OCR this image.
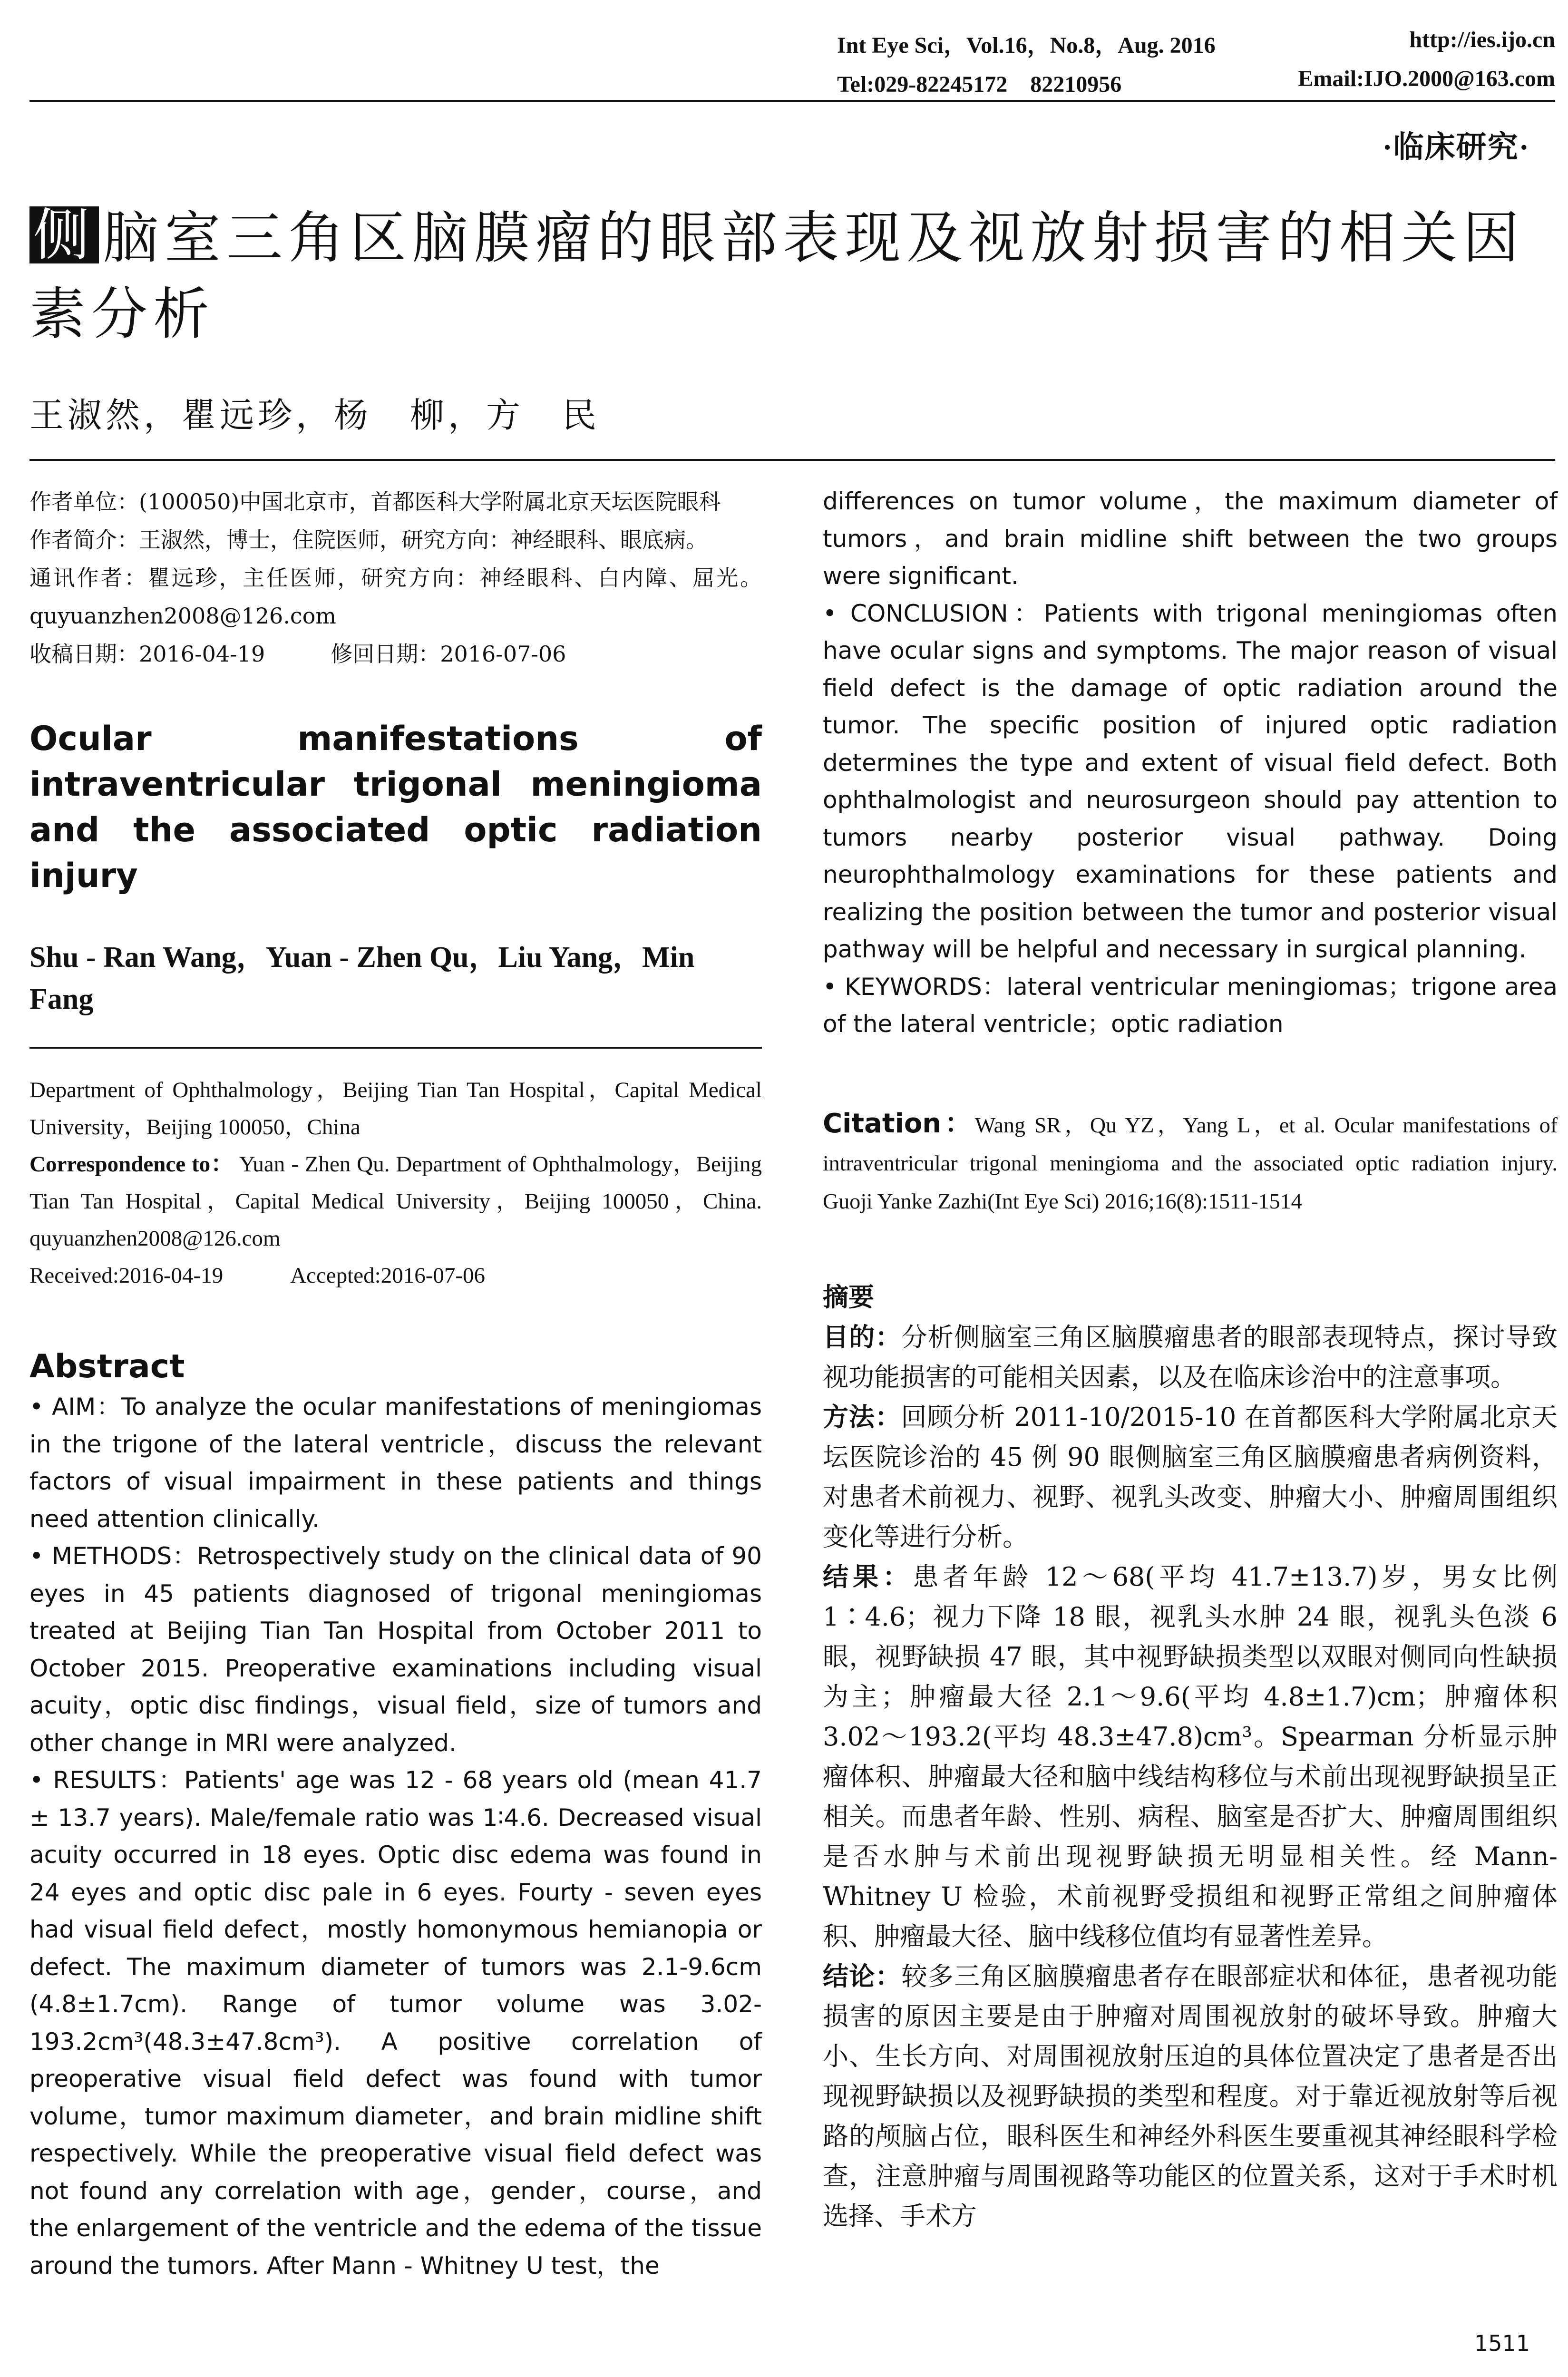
Int Eye Sci，Vol.16，No.8，Aug. 2016	http://ies.ijo.cn
Tel:029-82245172　82210956	Email:IJO.2000@163.com
·临床研究·
侧 脑室三角区脑膜瘤的眼部表现及视放射损害的相关因素分析
王淑然，瞿远珍，杨　柳，方　民

作者单位：(100050)中国北京市，首都医科大学附属北京天坛医院眼科

作者简介：王淑然，博士，住院医师，研究方向：神经眼科、眼底病。

通讯作者：瞿远珍，主任医师，研究方向：神经眼科、白内障、屈光。quyuanzhen2008@126.com

收稿日期：2016-04-19　　　修回日期：2016-07-06

Ocular manifestations of intraventricular trigonal meningioma and the associated optic radiation injury
Shu - Ran Wang，Yuan - Zhen Qu，Liu Yang，Min Fang

Department of Ophthalmology，Beijing Tian Tan Hospital，Capital Medical University，Beijing 100050，China

Correspondence to： Yuan - Zhen Qu. Department of Ophthalmology，Beijing Tian Tan Hospital，Capital Medical University，Beijing 100050，China. quyuanzhen2008@126.com

Received:2016-04-19　　　Accepted:2016-07-06

Abstract

• AIM：To analyze the ocular manifestations of meningiomas in the trigone of the lateral ventricle，discuss the relevant factors of visual impairment in these patients and things need attention clinically.

• METHODS：Retrospectively study on the clinical data of 90 eyes in 45 patients diagnosed of trigonal meningiomas treated at Beijing Tian Tan Hospital from October 2011 to October 2015. Preoperative examinations including visual acuity，optic disc findings，visual field，size of tumors and other change in MRI were analyzed.

• RESULTS：Patients' age was 12 - 68 years old (mean 41.7 ± 13.7 years). Male/female ratio was 1∶4.6. Decreased visual acuity occurred in 18 eyes. Optic disc edema was found in 24 eyes and optic disc pale in 6 eyes. Fourty - seven eyes had visual field defect，mostly homonymous hemianopia or defect. The maximum diameter of tumors was 2.1-9.6cm (4.8±1.7cm). Range of tumor volume was 3.02-193.2cm³(48.3±47.8cm³). A positive correlation of preoperative visual field defect was found with tumor volume，tumor maximum diameter，and brain midline shift respectively. While the preoperative visual field defect was not found any correlation with age，gender，course，and the enlargement of the ventricle and the edema of the tissue around the tumors. After Mann - Whitney U test，the

differences on tumor volume，the maximum diameter of tumors，and brain midline shift between the two groups were significant.

• CONCLUSION：Patients with trigonal meningiomas often have ocular signs and symptoms. The major reason of visual field defect is the damage of optic radiation around the tumor. The specific position of injured optic radiation determines the type and extent of visual field defect. Both ophthalmologist and neurosurgeon should pay attention to tumors nearby posterior visual pathway. Doing neurophthalmology examinations for these patients and realizing the position between the tumor and posterior visual pathway will be helpful and necessary in surgical planning.

• KEYWORDS：lateral ventricular meningiomas；trigone area of the lateral ventricle；optic radiation

Citation：Wang SR，Qu YZ，Yang L，et al. Ocular manifestations of intraventricular trigonal meningioma and the associated optic radiation injury. Guoji Yanke Zazhi(Int Eye Sci) 2016;16(8):1511-1514

摘要

目的：分析侧脑室三角区脑膜瘤患者的眼部表现特点，探讨导致视功能损害的可能相关因素，以及在临床诊治中的注意事项。

方法：回顾分析 2011-10/2015-10 在首都医科大学附属北京天坛医院诊治的 45 例 90 眼侧脑室三角区脑膜瘤患者病例资料，对患者术前视力、视野、视乳头改变、肿瘤大小、肿瘤周围组织变化等进行分析。

结果：患者年龄 12～68(平均 41.7±13.7)岁，男女比例 1∶4.6；视力下降 18 眼，视乳头水肿 24 眼，视乳头色淡 6 眼，视野缺损 47 眼，其中视野缺损类型以双眼对侧同向性缺损为主；肿瘤最大径 2.1～9.6(平均 4.8±1.7)cm；肿瘤体积 3.02～193.2(平均 48.3±47.8)cm³。Spearman 分析显示肿瘤体积、肿瘤最大径和脑中线结构移位与术前出现视野缺损呈正相关。而患者年龄、性别、病程、脑室是否扩大、肿瘤周围组织是否水肿与术前出现视野缺损无明显相关性。经 Mann-Whitney U 检验，术前视野受损组和视野正常组之间肿瘤体积、肿瘤最大径、脑中线移位值均有显著性差异。

结论：较多三角区脑膜瘤患者存在眼部症状和体征，患者视功能损害的原因主要是由于肿瘤对周围视放射的破坏导致。肿瘤大小、生长方向、对周围视放射压迫的具体位置决定了患者是否出现视野缺损以及视野缺损的类型和程度。对于靠近视放射等后视路的颅脑占位，眼科医生和神经外科医生要重视其神经眼科学检查，注意肿瘤与周围视路等功能区的位置关系，这对于手术时机选择、手术方

1511
